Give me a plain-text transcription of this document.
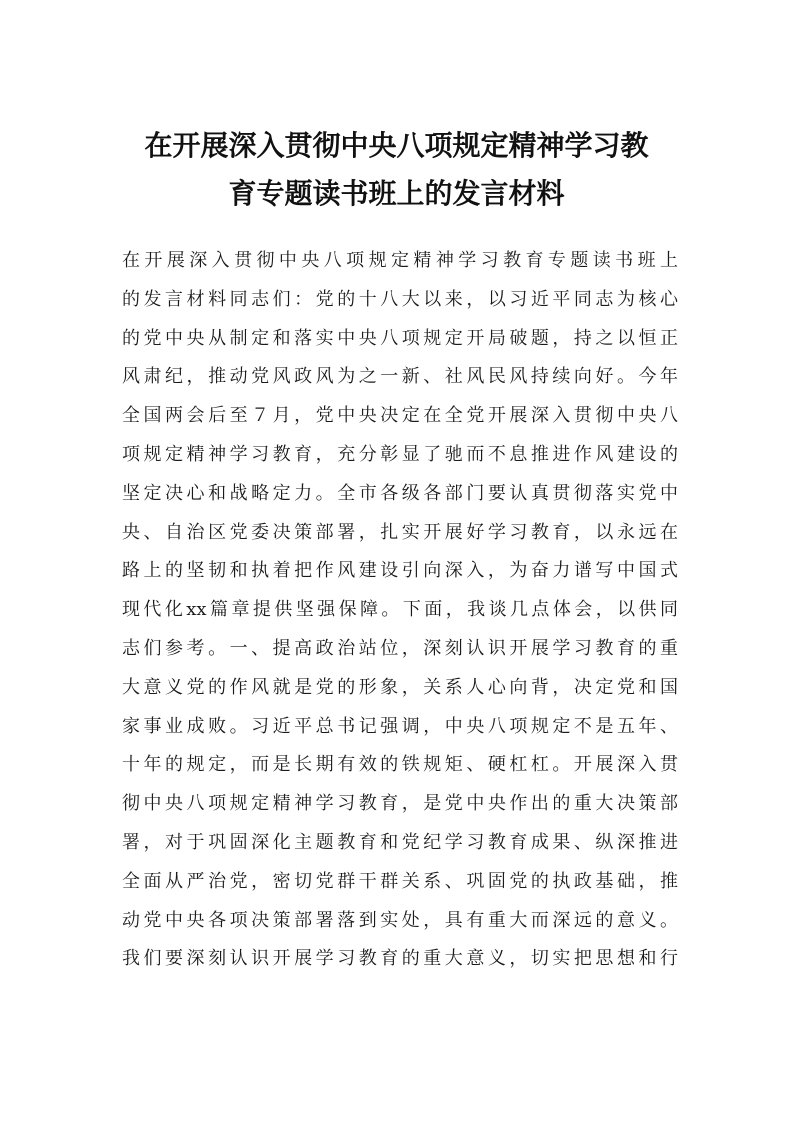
在开展深入贯彻中央八项规定精神学习教
育专题读书班上的发言材料
在开展深入贯彻中央八项规定精神学习教育专题读书班上
的发言材料同志们：党的十八大以来，以习近平同志为核心
的党中央从制定和落实中央八项规定开局破题，持之以恒正
风肃纪，推动党风政风为之一新、社风民风持续向好。今年
全国两会后至７月，党中央决定在全党开展深入贯彻中央八
项规定精神学习教育，充分彰显了驰而不息推进作风建设的
坚定决心和战略定力。全市各级各部门要认真贯彻落实党中
央、自治区党委决策部署，扎实开展好学习教育，以永远在
路上的坚韧和执着把作风建设引向深入，为奋力谱写中国式
现代化xx篇章提供坚强保障。下面，我谈几点体会，以供同
志们参考。一、提高政治站位，深刻认识开展学习教育的重
大意义党的作风就是党的形象，关系人心向背，决定党和国
家事业成败。习近平总书记强调，中央八项规定不是五年、
十年的规定，而是长期有效的铁规矩、硬杠杠。开展深入贯
彻中央八项规定精神学习教育，是党中央作出的重大决策部
署，对于巩固深化主题教育和党纪学习教育成果、纵深推进
全面从严治党，密切党群干群关系、巩固党的执政基础，推
动党中央各项决策部署落到实处，具有重大而深远的意义。
我们要深刻认识开展学习教育的重大意义，切实把思想和行
